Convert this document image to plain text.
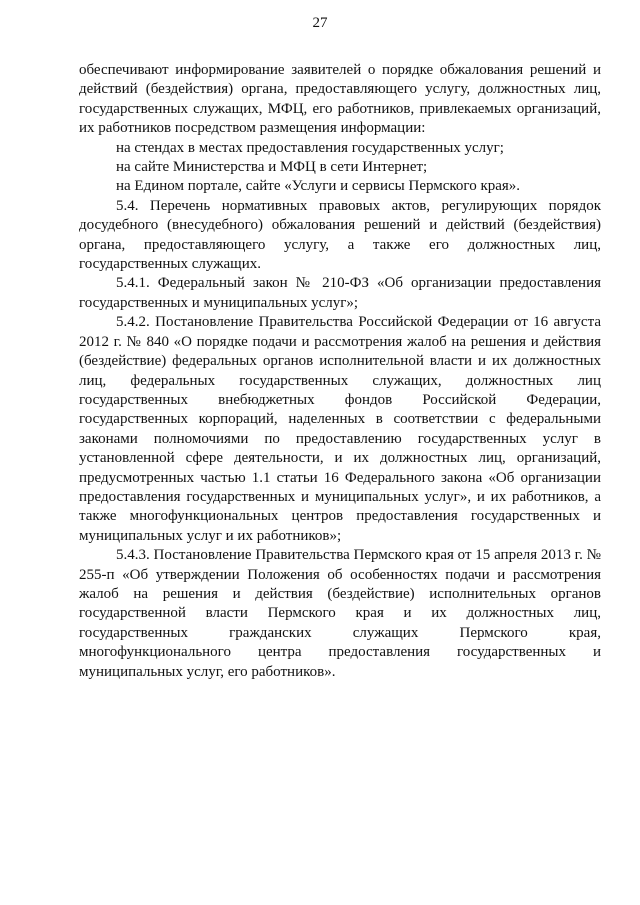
27

обеспечивают информирование заявителей о порядке обжалования решений и действий (бездействия) органа, предоставляющего услугу, должностных лиц, государственных служащих, МФЦ, его работников, привлекаемых организаций, их работников посредством размещения информации:

на стендах в местах предоставления государственных услуг;

на сайте Министерства и МФЦ в сети Интернет;

на Едином портале, сайте «Услуги и сервисы Пермского края».

5.4. Перечень нормативных правовых актов, регулирующих порядок досудебного (внесудебного) обжалования решений и действий (бездействия) органа, предоставляющего услугу, а также его должностных лиц, государственных служащих.

5.4.1. Федеральный закон № 210-ФЗ «Об организации предоставления государственных и муниципальных услуг»;

5.4.2. Постановление Правительства Российской Федерации от 16 августа 2012 г. № 840 «О порядке подачи и рассмотрения жалоб на решения и действия (бездействие) федеральных органов исполнительной власти и их должностных лиц, федеральных государственных служащих, должностных лиц государственных внебюджетных фондов Российской Федерации, государственных корпораций, наделенных в соответствии с федеральными законами полномочиями по предоставлению государственных услуг в установленной сфере деятельности, и их должностных лиц, организаций, предусмотренных частью 1.1 статьи 16 Федерального закона «Об организации предоставления государственных и муниципальных услуг», и их работников, а также многофункциональных центров предоставления государственных и муниципальных услуг и их работников»;

5.4.3. Постановление Правительства Пермского края от 15 апреля 2013 г. № 255-п «Об утверждении Положения об особенностях подачи и рассмотрения жалоб на решения и действия (бездействие) исполнительных органов государственной власти Пермского края и их должностных лиц, государственных гражданских служащих Пермского края, многофункционального центра предоставления государственных и муниципальных услуг, его работников».
